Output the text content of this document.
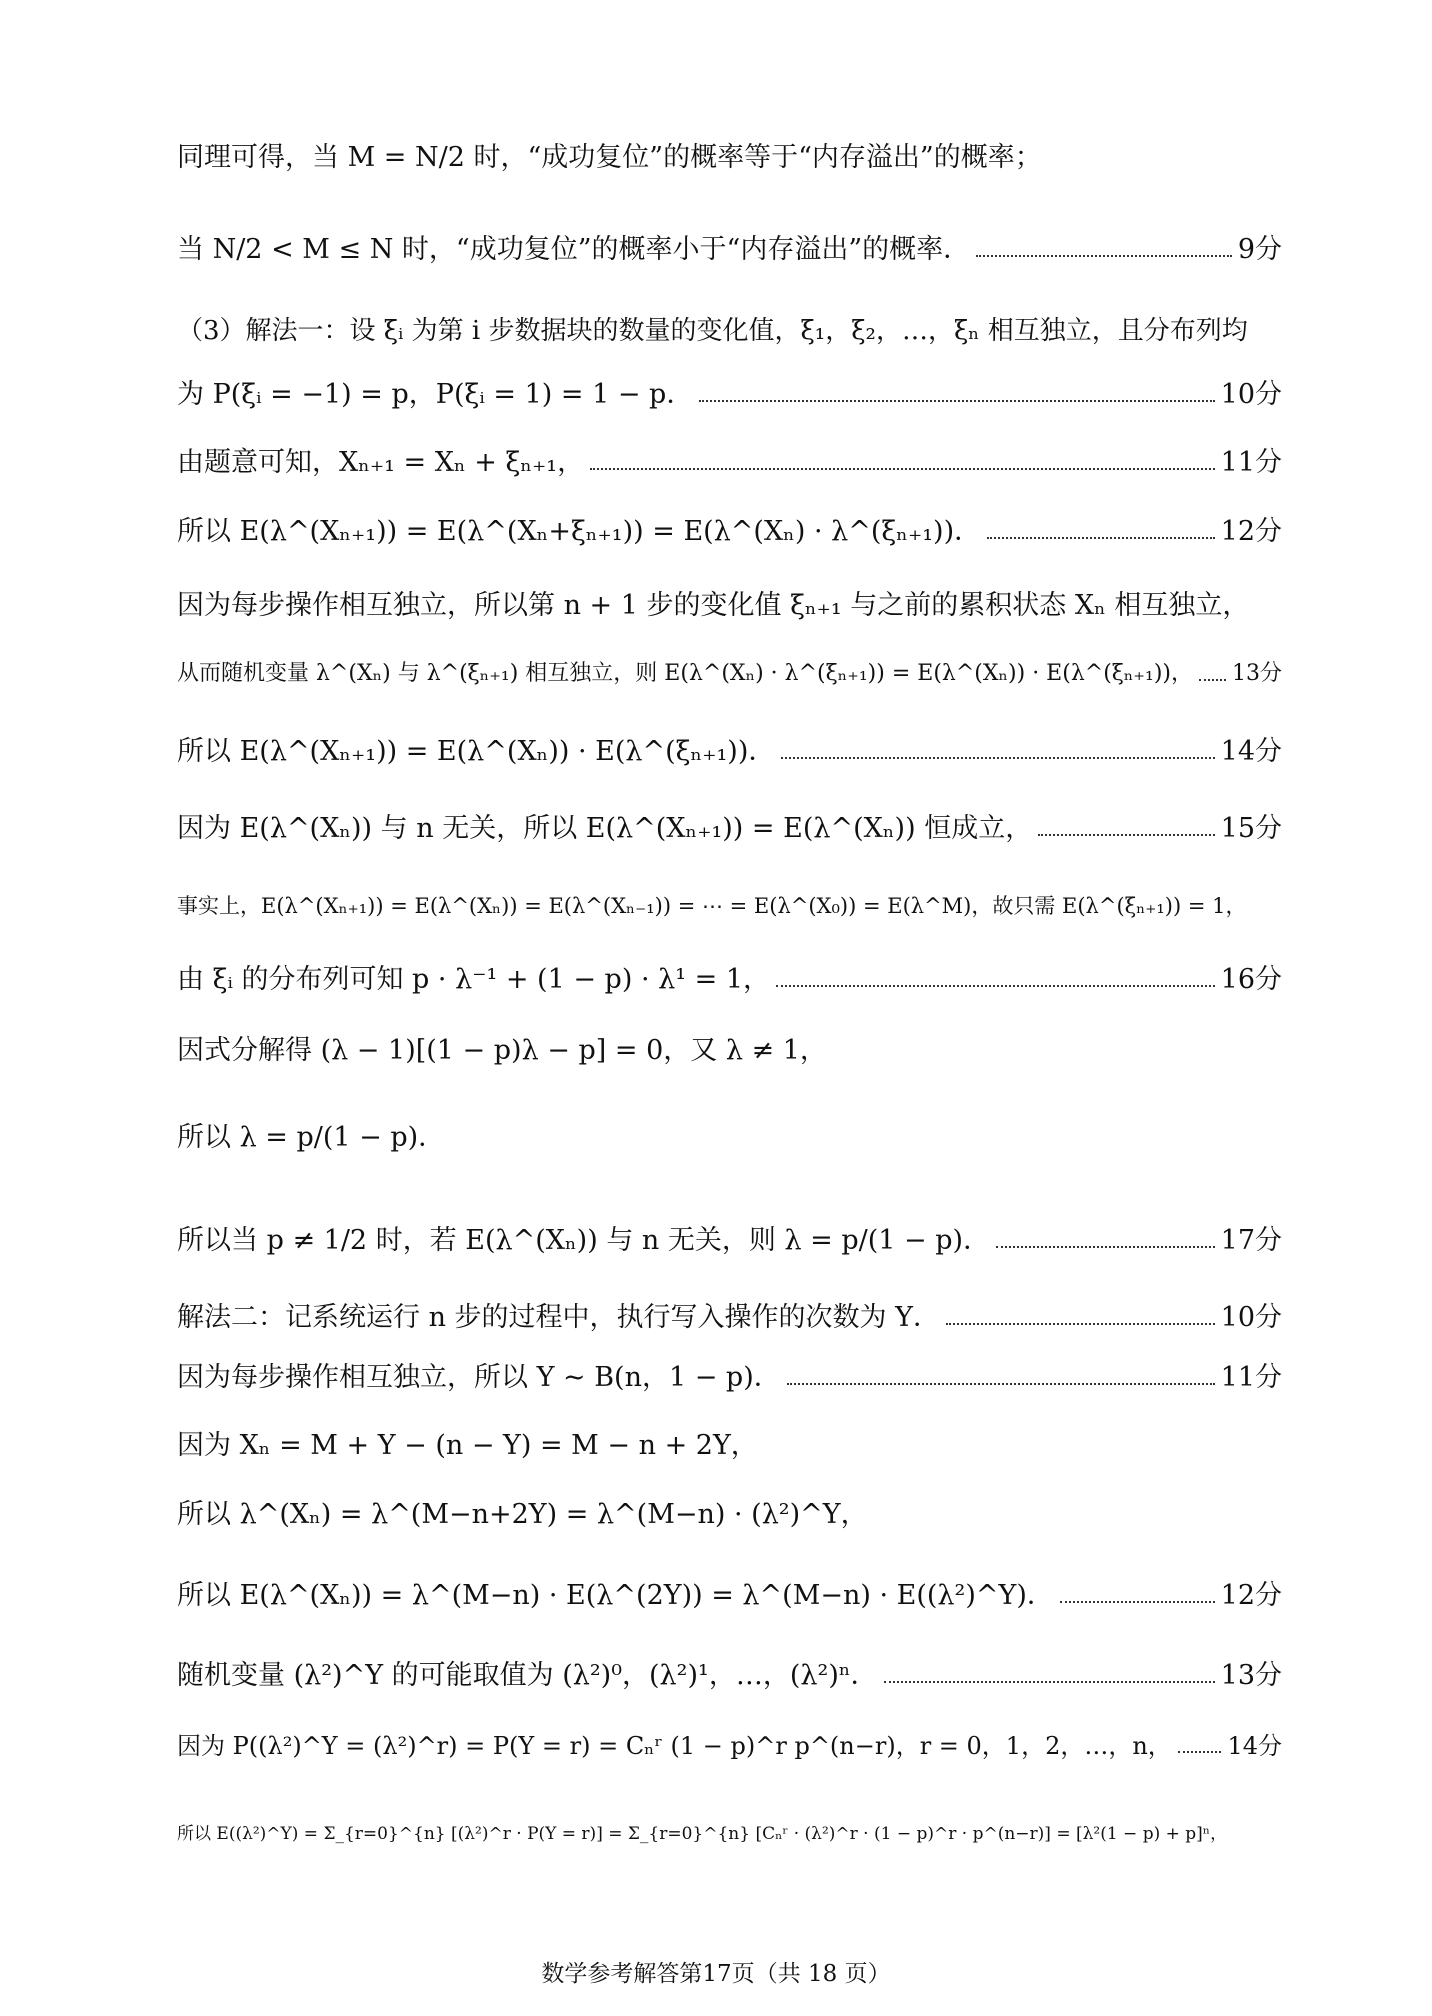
同理可得，当 M = N/2 时，“成功复位”的概率等于“内存溢出”的概率；
当 N/2 < M ≤ N 时，“成功复位”的概率小于“内存溢出”的概率．	9分
（3）解法一：设 ξᵢ 为第 i 步数据块的数量的变化值，ξ₁，ξ₂，…，ξₙ 相互独立，且分布列均
为 P(ξᵢ = −1) = p，P(ξᵢ = 1) = 1 − p．	10分
由题意可知，Xₙ₊₁ = Xₙ + ξₙ₊₁，	11分
所以 E(λ^(Xₙ₊₁)) = E(λ^(Xₙ+ξₙ₊₁)) = E(λ^(Xₙ) · λ^(ξₙ₊₁))．	12分
因为每步操作相互独立，所以第 n + 1 步的变化值 ξₙ₊₁ 与之前的累积状态 Xₙ 相互独立，
从而随机变量 λ^(Xₙ) 与 λ^(ξₙ₊₁) 相互独立，则 E(λ^(Xₙ) · λ^(ξₙ₊₁)) = E(λ^(Xₙ)) · E(λ^(ξₙ₊₁))， 13分
所以 E(λ^(Xₙ₊₁)) = E(λ^(Xₙ)) · E(λ^(ξₙ₊₁))．	14分
因为 E(λ^(Xₙ)) 与 n 无关，所以 E(λ^(Xₙ₊₁)) = E(λ^(Xₙ)) 恒成立，	15分
事实上，E(λ^(Xₙ₊₁)) = E(λ^(Xₙ)) = E(λ^(Xₙ₋₁)) = ⋯ = E(λ^(X₀)) = E(λ^M)，故只需 E(λ^(ξₙ₊₁)) = 1，
由 ξᵢ 的分布列可知 p · λ⁻¹ + (1 − p) · λ¹ = 1，	16分
因式分解得 (λ − 1)[(1 − p)λ − p] = 0，又 λ ≠ 1，
所以 λ = p/(1 − p)．
所以当 p ≠ 1/2 时，若 E(λ^(Xₙ)) 与 n 无关，则 λ = p/(1 − p)．	17分
解法二：记系统运行 n 步的过程中，执行写入操作的次数为 Y．	10分
因为每步操作相互独立，所以 Y ~ B(n，1 − p)．	11分
因为 Xₙ = M + Y − (n − Y) = M − n + 2Y，
所以 λ^(Xₙ) = λ^(M−n+2Y) = λ^(M−n) · (λ²)^Y，
所以 E(λ^(Xₙ)) = λ^(M−n) · E(λ^(2Y)) = λ^(M−n) · E((λ²)^Y)．	12分
随机变量 (λ²)^Y 的可能取值为 (λ²)⁰，(λ²)¹，…，(λ²)ⁿ．	13分
因为 P((λ²)^Y = (λ²)^r) = P(Y = r) = Cₙʳ (1 − p)^r p^(n−r)，r = 0，1，2，…，n， 14分
所以 E((λ²)^Y) = Σ_{r=0}^{n} [(λ²)^r · P(Y = r)] = Σ_{r=0}^{n} [Cₙʳ · (λ²)^r · (1 − p)^r · p^(n−r)] = [λ²(1 − p) + p]ⁿ，
数学参考解答第17页（共 18 页）
